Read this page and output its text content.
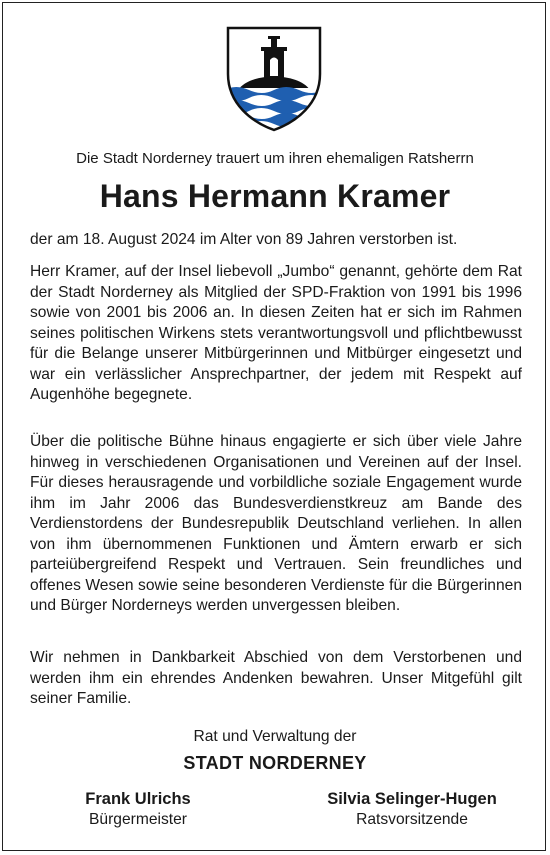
Die Stadt Norderney trauert um ihren ehemaligen Ratsherrn
Hans Hermann Kramer
der am 18. August 2024 im Alter von 89 Jahren verstorben ist.

Herr Kramer, auf der Insel liebevoll „Jumbo“ genannt, gehörte dem Rat der Stadt Norderney als Mitglied der SPD-Fraktion von 1991 bis 1996 sowie von 2001 bis 2006 an. In diesen Zeiten hat er sich im Rahmen seines politischen Wirkens stets verantwortungsvoll und pflichtbewusst für die Belange unserer Mitbürgerinnen und Mitbürger eingesetzt und war ein verlässlicher Ansprechpartner, der jedem mit Respekt auf Augenhöhe begegnete.

Über die politische Bühne hinaus engagierte er sich über viele Jahre hinweg in verschiedenen Organisationen und Vereinen auf der Insel. Für dieses herausragende und vorbildliche soziale Engagement wurde ihm im Jahr 2006 das Bundesverdienstkreuz am Bande des Verdienstordens der Bundesrepublik Deutschland verliehen. In allen von ihm übernommenen Funktionen und Ämtern erwarb er sich parteiübergreifend Respekt und Vertrauen. Sein freundliches und offenes Wesen sowie seine besonderen Verdienste für die Bürgerinnen und Bürger Norderneys werden unvergessen bleiben.

Wir nehmen in Dankbarkeit Abschied von dem Verstorbenen und werden ihm ein ehrendes Andenken bewahren. Unser Mitgefühl gilt seiner Familie.

Rat und Verwaltung der
STADT NORDERNEY
Frank Ulrichs
Bürgermeister
Silvia Selinger-Hugen
Ratsvorsitzende
